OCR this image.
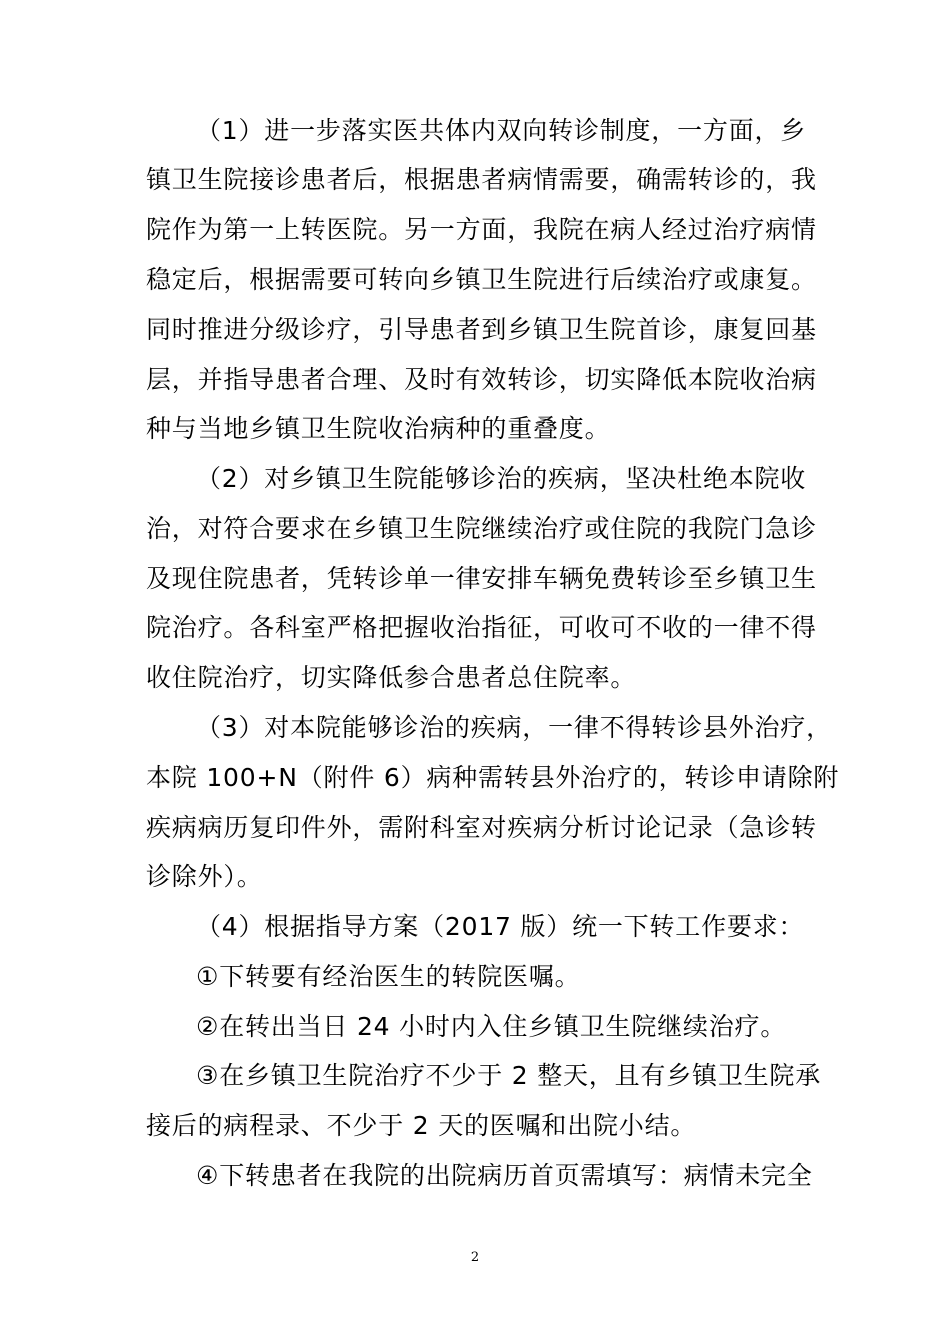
（1）进一步落实医共体内双向转诊制度，一方面，乡
镇卫生院接诊患者后，根据患者病情需要，确需转诊的，我
院作为第一上转医院。另一方面，我院在病人经过治疗病情
稳定后，根据需要可转向乡镇卫生院进行后续治疗或康复。
同时推进分级诊疗，引导患者到乡镇卫生院首诊，康复回基
层，并指导患者合理、及时有效转诊，切实降低本院收治病
种与当地乡镇卫生院收治病种的重叠度。
（2）对乡镇卫生院能够诊治的疾病，坚决杜绝本院收
治，对符合要求在乡镇卫生院继续治疗或住院的我院门急诊
及现住院患者，凭转诊单一律安排车辆免费转诊至乡镇卫生
院治疗。各科室严格把握收治指征，可收可不收的一律不得
收住院治疗，切实降低参合患者总住院率。
（3）对本院能够诊治的疾病，一律不得转诊县外治疗，
本院 100+N（附件 6）病种需转县外治疗的，转诊申请除附
疾病病历复印件外，需附科室对疾病分析讨论记录（急诊转
诊除外）。
（4）根据指导方案（2017 版）统一下转工作要求：
①下转要有经治医生的转院医嘱。
②在转出当日 24 小时内入住乡镇卫生院继续治疗。
③在乡镇卫生院治疗不少于 2 整天，且有乡镇卫生院承
接后的病程录、不少于 2 天的医嘱和出院小结。
④下转患者在我院的出院病历首页需填写：病情未完全
2
